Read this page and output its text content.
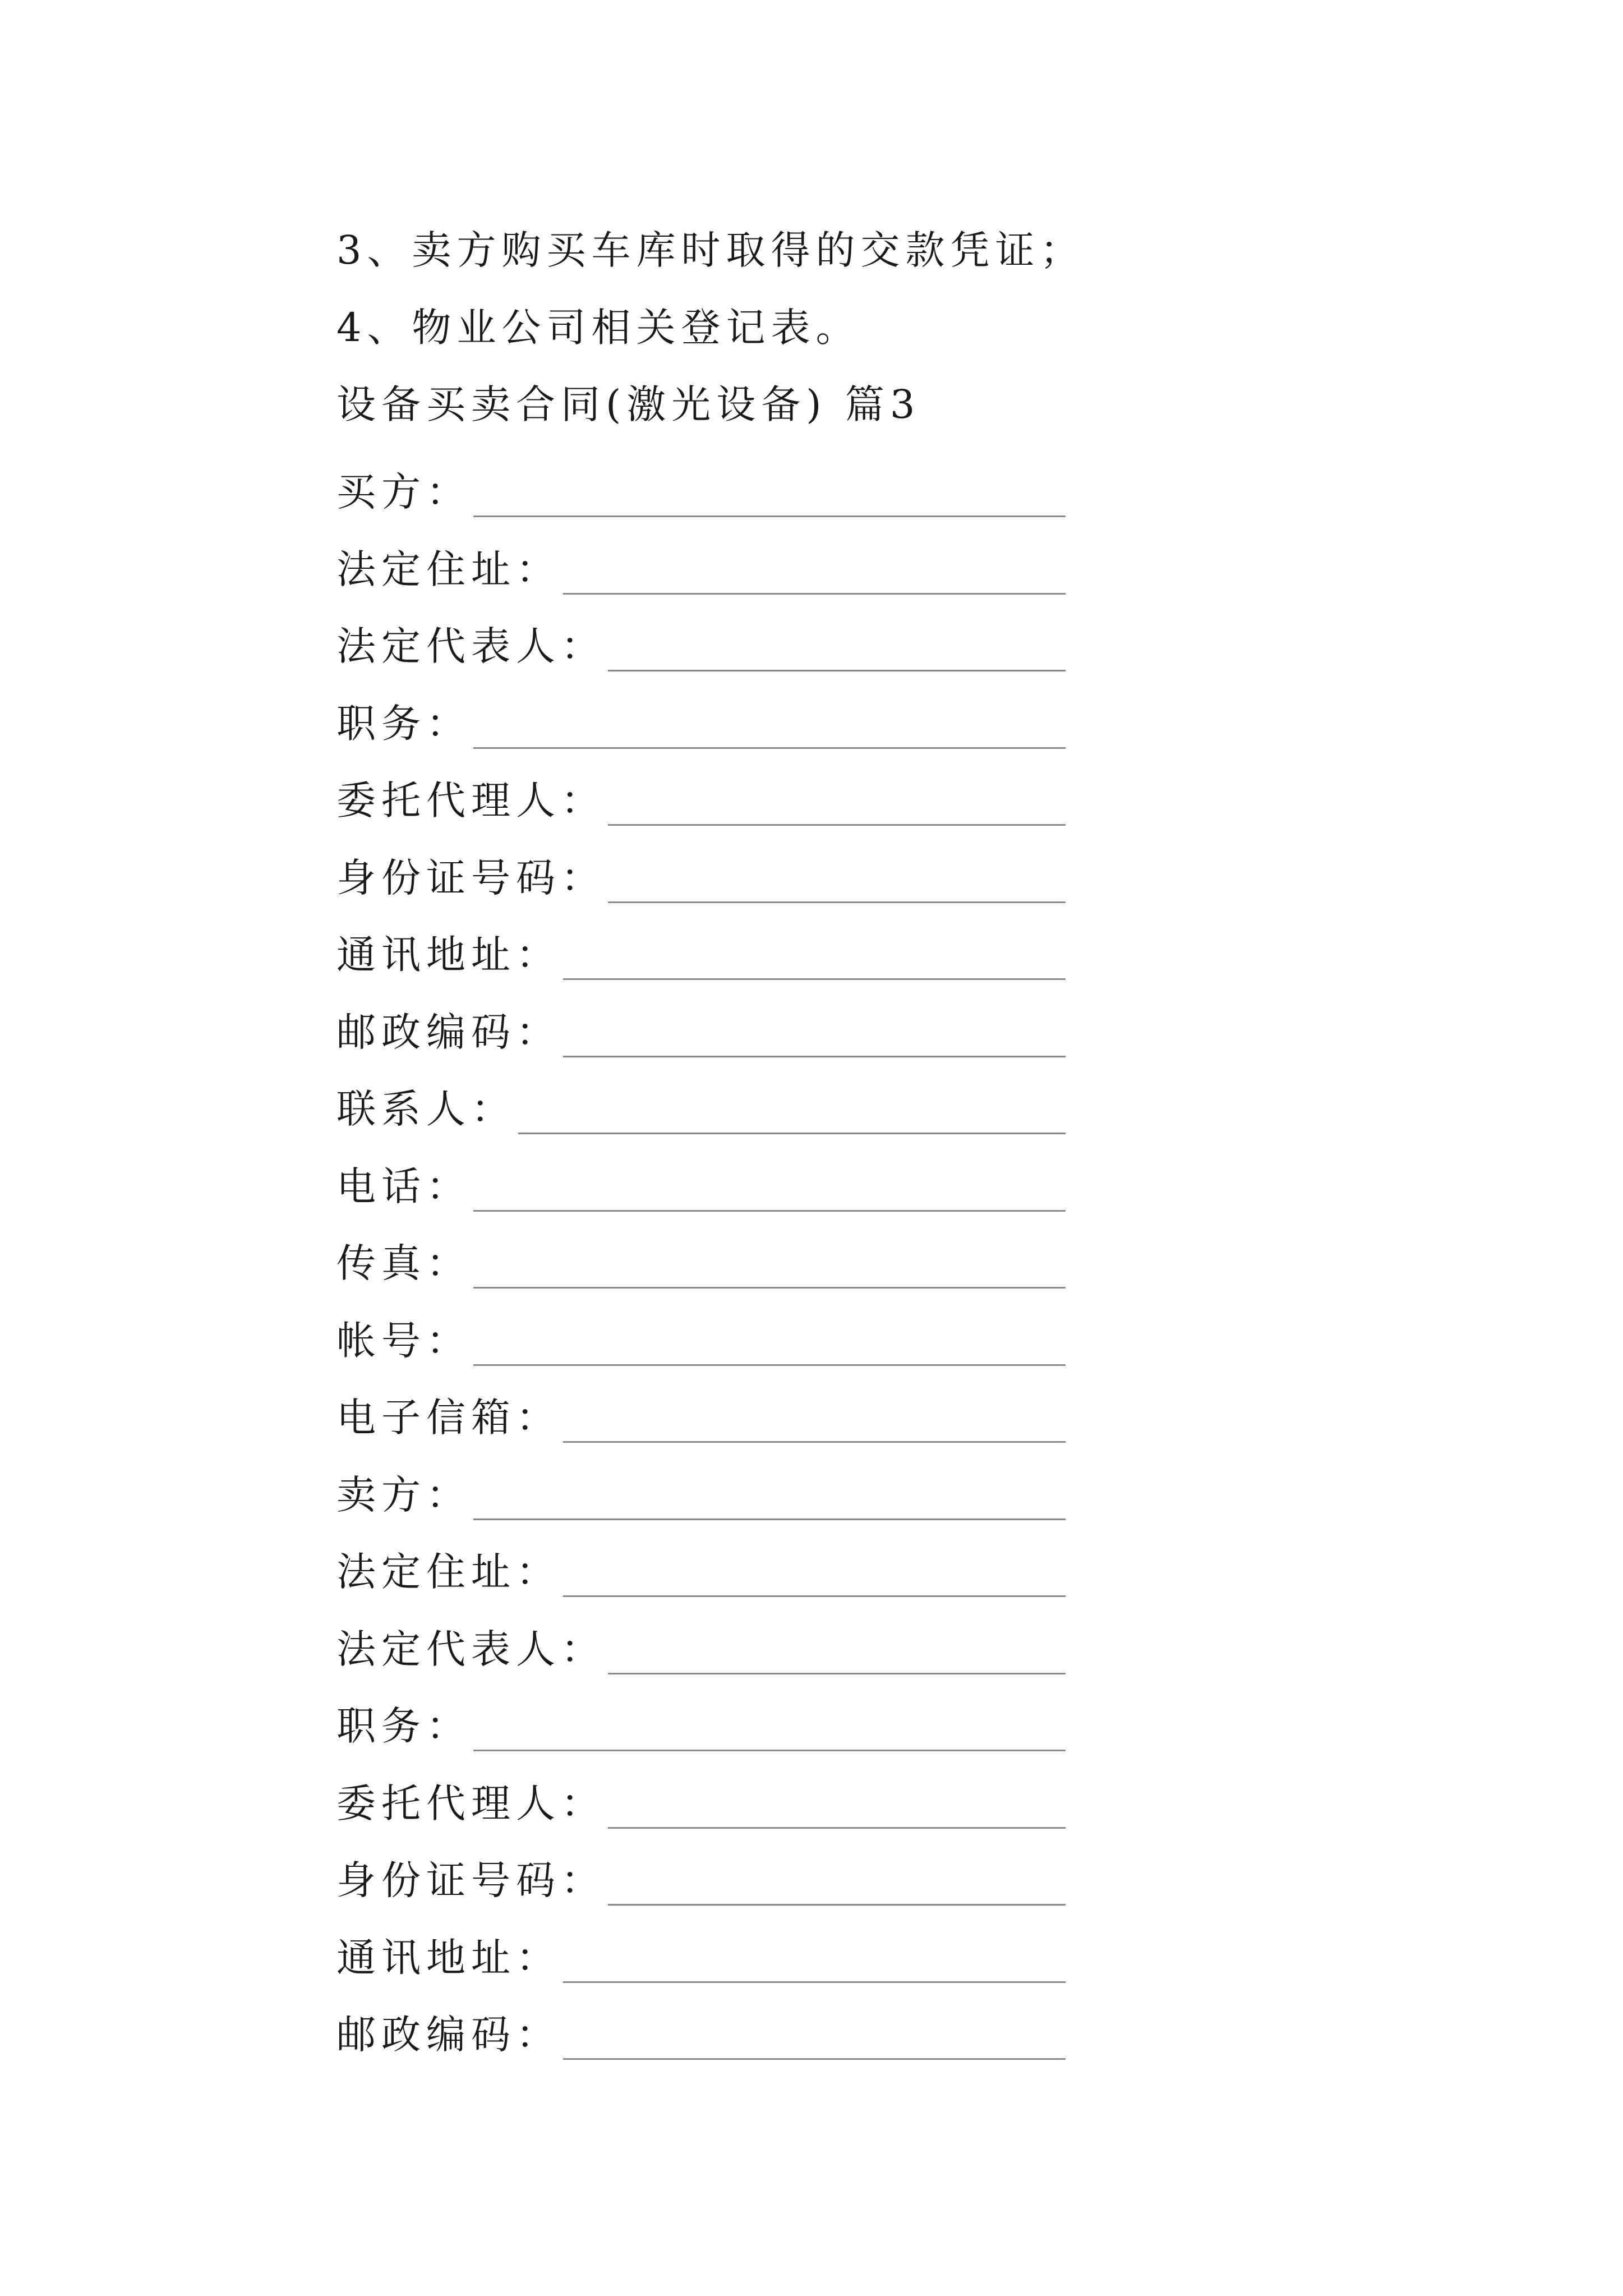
3、卖方购买车库时取得的交款凭证；
4、物业公司相关登记表。
设备买卖合同(激光设备) 篇3
买方：
法定住址：
法定代表人：
职务：
委托代理人：
身份证号码：
通讯地址：
邮政编码：
联系人：
电话：
传真：
帐号：
电子信箱：
卖方：
法定住址：
法定代表人：
职务：
委托代理人：
身份证号码：
通讯地址：
邮政编码：
